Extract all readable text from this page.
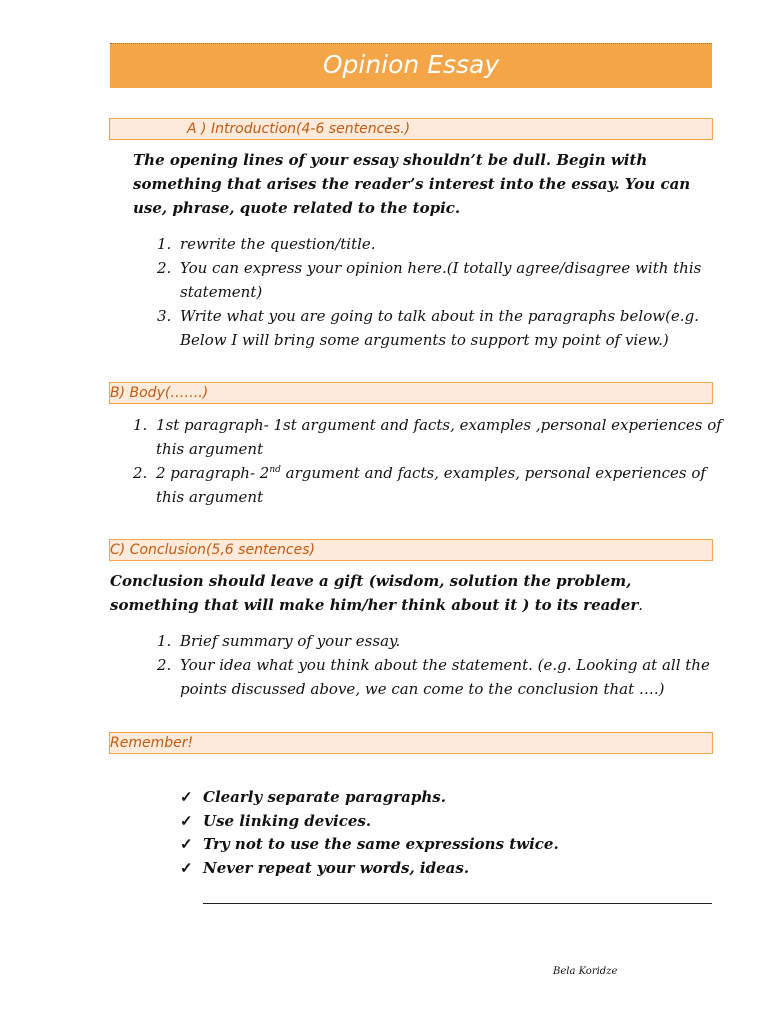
Opinion Essay
A ) Introduction(4-6 sentences.)

The opening lines of your essay shouldn’t be dull. Begin with something that arises the reader’s interest into the essay. You can use, phrase, quote related to the topic.

1. rewrite the question/title.
2. You can express your opinion here.(I totally agree/disagree with this statement)
3. Write what you are going to talk about in the paragraphs below(e.g. Below I will bring some arguments to support my point of view.)
B) Body(…….)
1. 1st paragraph- 1st argument and facts, examples ,personal experiences of this argument
2. 2 paragraph- 2nd argument and facts, examples, personal experiences of this argument
C) Conclusion(5,6 sentences)

Conclusion should leave a gift (wisdom, solution the problem, something that will make him/her think about it ) to its reader.

1. Brief summary of your essay.
2. Your idea what you think about the statement. (e.g. Looking at all the points discussed above, we can come to the conclusion that ….)
Remember!
✓ Clearly separate paragraphs.
✓ Use linking devices.
✓ Try not to use the same expressions twice.
✓ Never repeat your words, ideas.
Bela Koridze
